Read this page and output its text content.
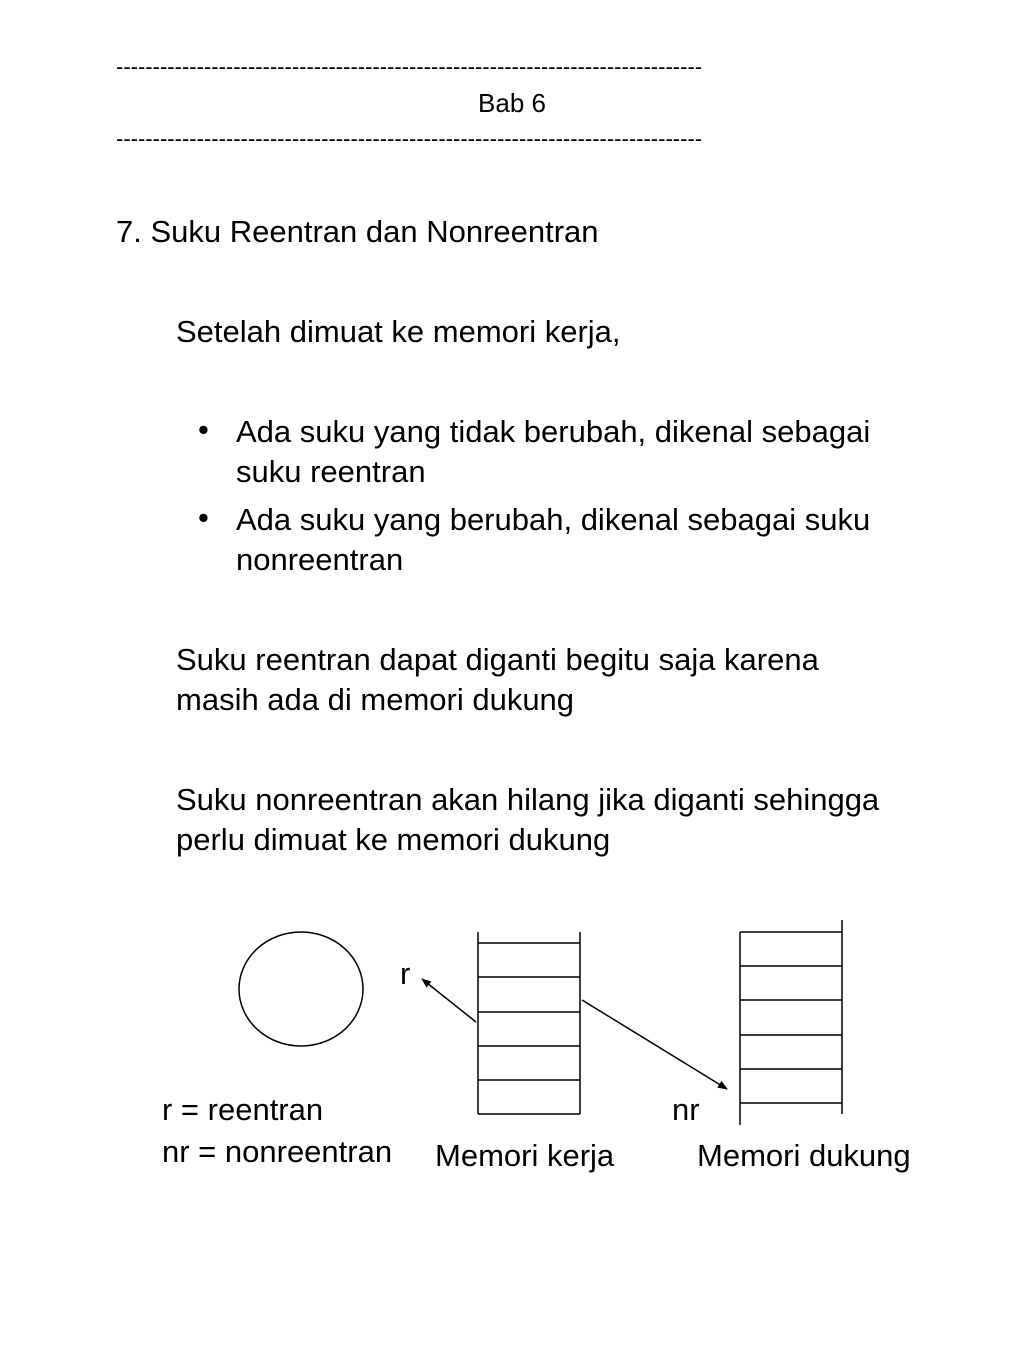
--------------------------------------------------------------------------------
Bab 6
--------------------------------------------------------------------------------
7. Suku Reentran dan Nonreentran
Setelah dimuat ke memori kerja,
• Ada suku yang tidak berubah, dikenal sebagai
suku reentran
• Ada suku yang berubah, dikenal sebagai suku
nonreentran
Suku reentran dapat diganti begitu saja karena
masih ada di memori dukung
Suku nonreentran akan hilang jika diganti sehingga
perlu dimuat ke memori dukung
r
nr
r = reentran
nr = nonreentran Memori kerja	Memori dukung
